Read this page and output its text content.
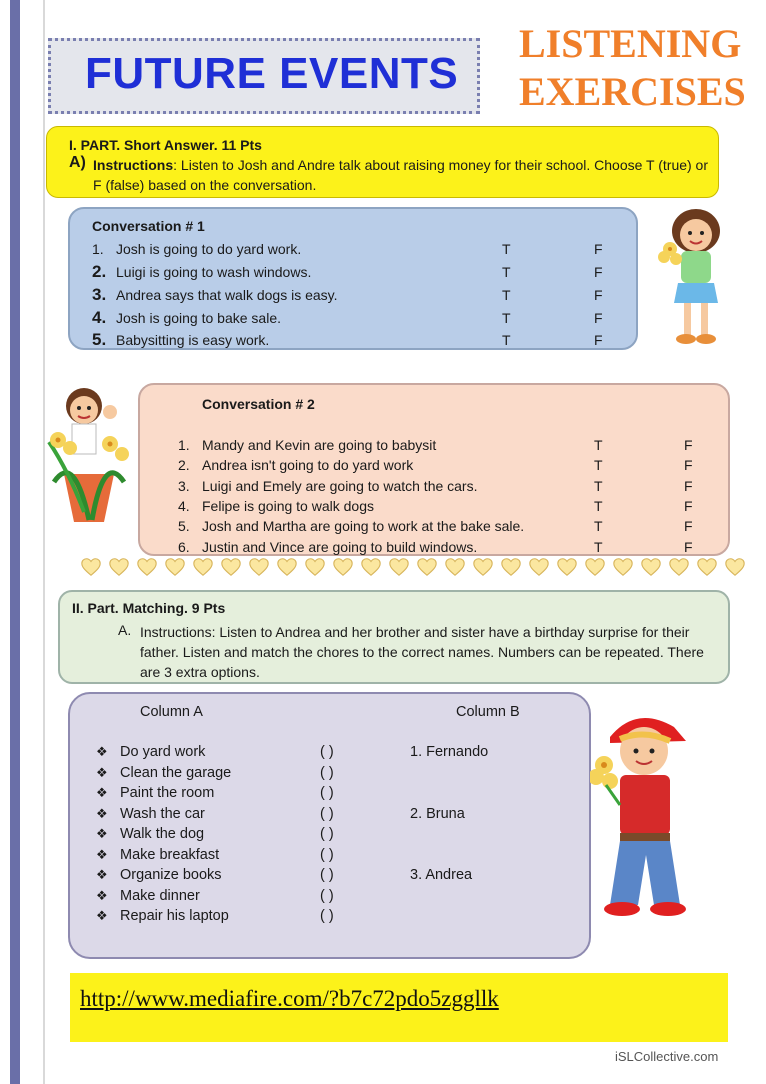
FUTURE EVENTS
LISTENING
EXERCISES
I. PART. Short Answer. 11 Pts
A) Instructions: Listen to Josh and Andre talk about raising money for their school. Choose T (true) or F (false) based on the conversation.
Conversation # 1
1. Josh is going to do yard work.	T	F
2. Luigi is going to wash windows.	T	F
3. Andrea says that walk dogs is easy.	T	F
4. Josh is going to bake sale.	T	F
5. Babysitting is easy work.	T	F
Conversation # 2
1. Mandy and Kevin are going to babysit	T	F
2. Andrea isn't going to do yard work	T	F
3. Luigi and Emely are going to watch the cars.	T	F
4. Felipe is going to walk dogs	T	F
5. Josh and Martha are going to work at the bake sale.	T	F
6. Justin and Vince are going to build windows.	T	F
II. Part. Matching. 9 Pts
A. Instructions: Listen to Andrea and her brother and sister have a birthday surprise for their father. Listen and match the chores to the correct names. Numbers can be repeated. There are 3 extra options.
Column A	Column B
❖ Do yard work	( )	1. Fernando
❖ Clean the garage	( )
❖ Paint the room	( )
❖ Wash the car	( )	2. Bruna
❖ Walk the dog	( )
❖ Make breakfast	( )
❖ Organize books	( )	3. Andrea
❖ Make dinner	( )
❖ Repair his laptop	( )
http://www.mediafire.com/?b7c72pdo5zggllk
iSLCollective.com
